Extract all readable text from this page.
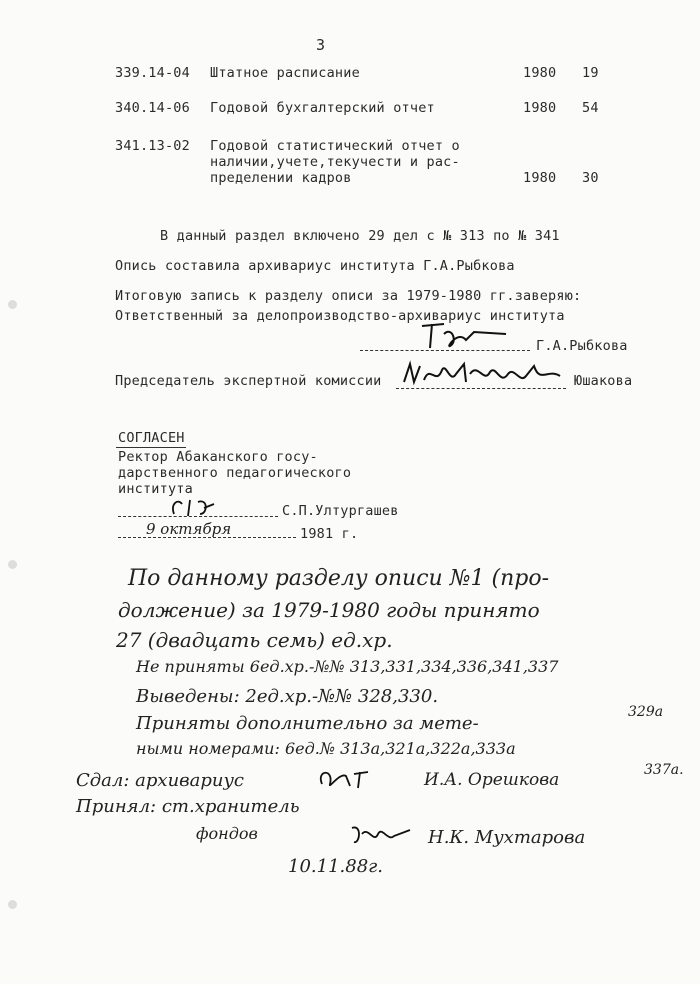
3
339.14-04 Штатное расписание	1980 19
340.14-06 Годовой бухгалтерский отчет	1980 54
341.13-02 Годовой статистический отчет о
наличии,учете,текучести и рас-
пределении кадров	1980 30
В данный раздел включено 29 дел с № 313 по № 341
Опись составила архивариус института Г.А.Рыбкова
Итоговую запись к разделу описи за 1979-1980 гг.заверяю:
Ответственный за делопроизводство-архивариус института
Г.А.Рыбкова
Председатель экспертной комиссии	Юшакова
СОГЛАСЕН
Ректор Абаканского госу-
дарственного педагогического
института
С.П.Ултургашев
9 октября	1981 г.
По данному разделу описи №1 (про-
должение) за 1979-1980 годы принято
27 (двадцать семь) ед.хр.
Не приняты 6ед.хр.-№№ 313,331,334,336,341,337
Выведены: 2ед.хр.-№№ 328,330.
Приняты дополнительно за мете-
329а
ными номерами: 6ед.№ 313а,321а,322а,333а
337а.
Сдал: архивариус	И.А. Орешкова
Принял: ст.хранитель
фондов	Н.К. Мухтарова
10.11.88г.
